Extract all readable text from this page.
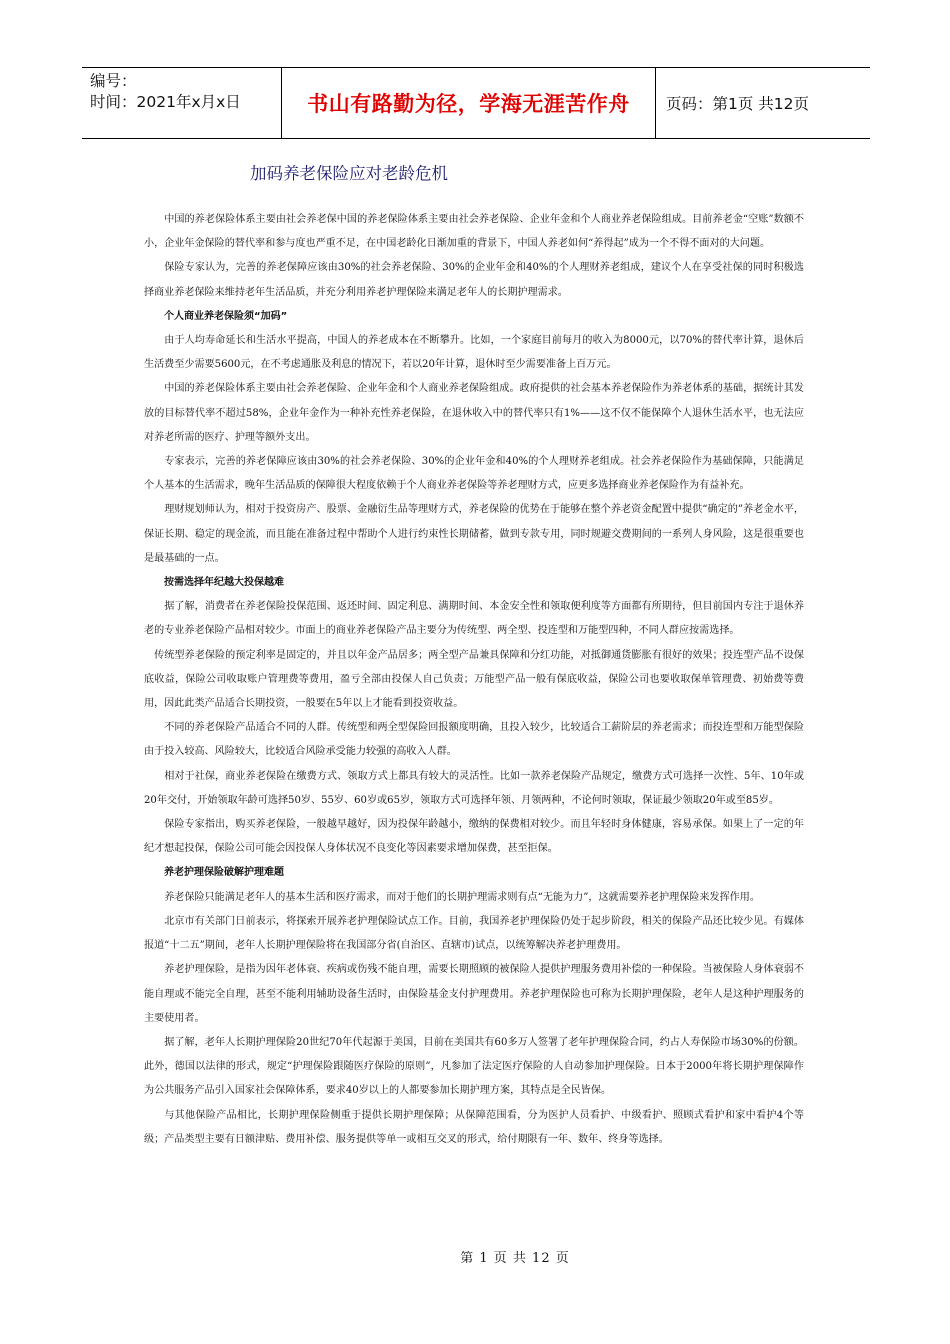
编号：
时间：2021年x月x日	书山有路勤为径，学海无涯苦作舟	页码：第1页 共12页
加码养老保险应对老龄危机

中国的养老保险体系主要由社会养老保中国的养老保险体系主要由社会养老保险、企业年金和个人商业养老保险组成。目前养老金“空账”数额不小，企业年金保险的替代率和参与度也严重不足，在中国老龄化日渐加重的背景下，中国人养老如何“养得起”成为一个不得不面对的大问题。

保险专家认为，完善的养老保障应该由30%的社会养老保险、30%的企业年金和40%的个人理财养老组成，建议个人在享受社保的同时积极选择商业养老保险来维持老年生活品质，并充分利用养老护理保险来满足老年人的长期护理需求。

个人商业养老保险须“加码”

由于人均寿命延长和生活水平提高，中国人的养老成本在不断攀升。比如，一个家庭目前每月的收入为8000元，以70%的替代率计算，退休后生活费至少需要5600元，在不考虑通胀及利息的情况下，若以20年计算，退休时至少需要准备上百万元。

中国的养老保险体系主要由社会养老保险、企业年金和个人商业养老保险组成。政府提供的社会基本养老保险作为养老体系的基础，据统计其发放的目标替代率不超过58%，企业年金作为一种补充性养老保险，在退休收入中的替代率只有1%——这不仅不能保障个人退休生活水平，也无法应对养老所需的医疗、护理等额外支出。

专家表示，完善的养老保障应该由30%的社会养老保险、30%的企业年金和40%的个人理财养老组成。社会养老保险作为基础保障，只能满足个人基本的生活需求，晚年生活品质的保障很大程度依赖于个人商业养老保险等养老理财方式，应更多选择商业养老保险作为有益补充。

理财规划师认为，相对于投资房产、股票、金融衍生品等理财方式，养老保险的优势在于能够在整个养老资金配置中提供“确定的”养老金水平，保证长期、稳定的现金流，而且能在准备过程中帮助个人进行约束性长期储蓄，做到专款专用，同时规避交费期间的一系列人身风险，这是很重要也是最基础的一点。

按需选择年纪越大投保越难

据了解，消费者在养老保险投保范围、返还时间、固定利息、满期时间、本金安全性和领取便利度等方面都有所期待，但目前国内专注于退休养老的专业养老保险产品相对较少。市面上的商业养老保险产品主要分为传统型、两全型、投连型和万能型四种，不同人群应按需选择。

传统型养老保险的预定利率是固定的，并且以年金产品居多；两全型产品兼具保障和分红功能，对抵御通货膨胀有很好的效果；投连型产品不设保底收益，保险公司收取账户管理费等费用，盈亏全部由投保人自己负责；万能型产品一般有保底收益，保险公司也要收取保单管理费、初始费等费用，因此此类产品适合长期投资，一般要在5年以上才能看到投资收益。

不同的养老保险产品适合不同的人群。传统型和两全型保险回报额度明确，且投入较少，比较适合工薪阶层的养老需求；而投连型和万能型保险由于投入较高、风险较大，比较适合风险承受能力较强的高收入人群。

相对于社保，商业养老保险在缴费方式、领取方式上都具有较大的灵活性。比如一款养老保险产品规定，缴费方式可选择一次性、5年、10年或20年交付，开始领取年龄可选择50岁、55岁、60岁或65岁，领取方式可选择年领、月领两种，不论何时领取，保证最少领取20年或至85岁。

保险专家指出，购买养老保险，一般越早越好，因为投保年龄越小，缴纳的保费相对较少。而且年轻时身体健康，容易承保。如果上了一定的年纪才想起投保，保险公司可能会因投保人身体状况不良变化等因素要求增加保费，甚至拒保。

养老护理保险破解护理难题

养老保险只能满足老年人的基本生活和医疗需求，而对于他们的长期护理需求则有点“无能为力”，这就需要养老护理保险来发挥作用。

北京市有关部门日前表示，将探索开展养老护理保险试点工作。目前，我国养老护理保险仍处于起步阶段，相关的保险产品还比较少见。有媒体报道“十二五”期间，老年人长期护理保险将在我国部分省(自治区、直辖市)试点，以统筹解决养老护理费用。

养老护理保险，是指为因年老体衰、疾病或伤残不能自理，需要长期照顾的被保险人提供护理服务费用补偿的一种保险。当被保险人身体衰弱不能自理或不能完全自理，甚至不能利用辅助设备生活时，由保险基金支付护理费用。养老护理保险也可称为长期护理保险，老年人是这种护理服务的主要使用者。

据了解，老年人长期护理保险20世纪70年代起源于美国，目前在美国共有60多万人签署了老年护理保险合同，约占人寿保险市场30%的份额。此外，德国以法律的形式，规定“护理保险跟随医疗保险的原则”，凡参加了法定医疗保险的人自动参加护理保险。日本于2000年将长期护理保障作为公共服务产品引入国家社会保障体系，要求40岁以上的人都要参加长期护理方案，其特点是全民皆保。

与其他保险产品相比，长期护理保险侧重于提供长期护理保障；从保障范围看，分为医护人员看护、中级看护、照顾式看护和家中看护4个等级；产品类型主要有日额津贴、费用补偿、服务提供等单一或相互交叉的形式，给付期限有一年、数年、终身等选择。

第 1 页 共 12 页
